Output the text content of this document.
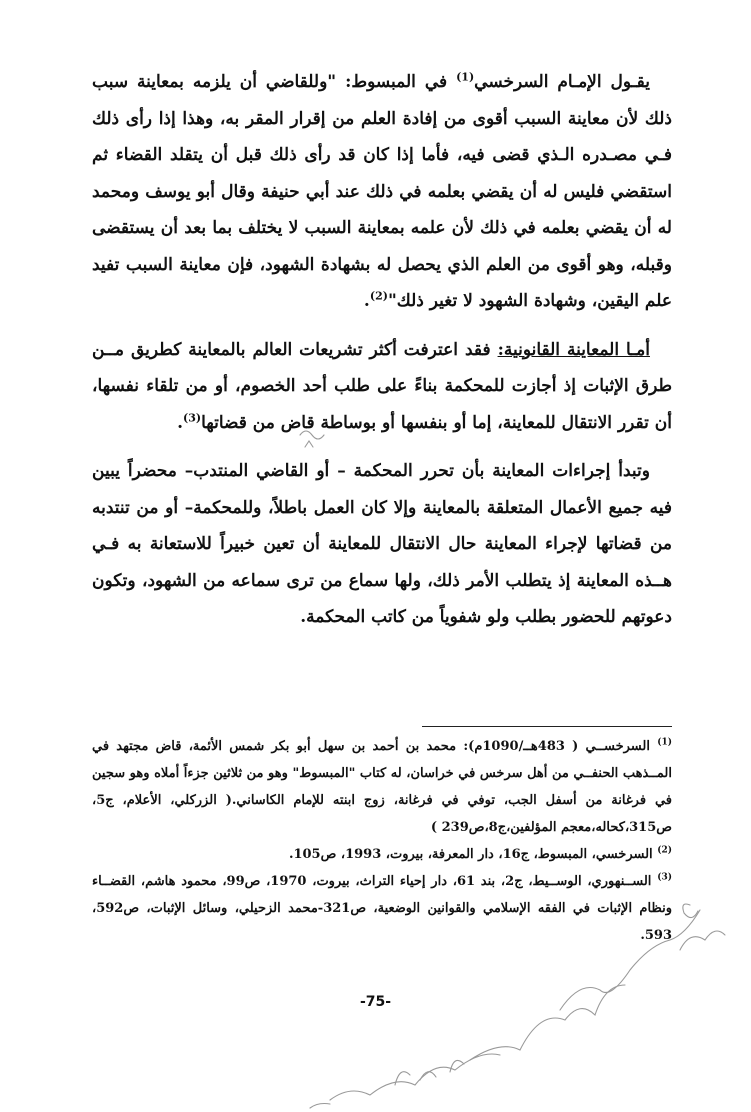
يقـول الإمـام السرخسي$^{(1)}$ في المبسوط: "وللقاضي أن يلزمه بمعاينة سبب ذلك لأن معاينة السبب أقوى من إفادة العلم من إقرار المقر به، وهذا إذا رأى ذلك فـي مصـدره الـذي قضى فيه، فأما إذا كان قد رأى ذلك قبل أن يتقلد القضاء ثم استقضي فليس له أن يقضي بعلمه في ذلك عند أبي حنيفة وقال أبو يوسف ومحمد له أن يقضي بعلمه في ذلك لأن علمه بمعاينة السبب لا يختلف بما بعد أن يستقضى وقبله، وهو أقوى من العلم الذي يحصل له بشهادة الشهود، فإن معاينة السبب تفيد علم اليقين، وشهادة الشهود لا تغير ذلك"$^{(2)}$.

أمـا المعاينة القانونية: فقد اعترفت أكثر تشريعات العالم بالمعاينة كطريق مــن طرق الإثبات إذ أجازت للمحكمة بناءً على طلب أحد الخصوم، أو من تلقاء نفسها، أن تقرر الانتقال للمعاينة، إما أو بنفسها أو بوساطة قاض من قضاتها$^{(3)}$.

وتبدأ إجراءات المعاينة بأن تحرر المحكمة – أو القاضي المنتدب– محضراً يبين فيه جميع الأعمال المتعلقة بالمعاينة وإلا كان العمل باطلاً، وللمحكمة– أو من تنتدبه من قضاتها لإجراء المعاينة حال الانتقال للمعاينة أن تعين خبيراً للاستعانة به فـي هــذه المعاينة إذ يتطلب الأمر ذلك، ولها سماع من ترى سماعه من الشهود، وتكون دعوتهم للحضور بطلب ولو شفوياً من كاتب المحكمة.

$^{(1)}$ السرخســي ( 483هــ/1090م): محمد بن أحمد بن سهل أبو بكر شمس الأئمة، قاض مجتهد في المــذهب الحنفــي من أهل سرخس في خراسان، له كتاب "المبسوط" وهو من ثلاثين جزءاً أملاه وهو سجين في فرغانة من أسفل الجب، توفي في فرغانة، زوج ابنته للإمام الكاساني.( الزركلي، الأعلام، ج5، ص315،كحاله،معجم المؤلفين،ج8،ص239 )

$^{(2)}$ السرخسي، المبسوط، ج16، دار المعرفة، بيروت، 1993، ص105.

$^{(3)}$ الســنهوري، الوســيط، ج2، بند 61، دار إحياء التراث، بيروت، 1970، ص99، محمود هاشم، القضــاء ونظام الإثبات في الفقه الإسلامي والقوانين الوضعية، ص321-محمد الزحيلي، وسائل الإثبات، ص592، 593.

-75-
